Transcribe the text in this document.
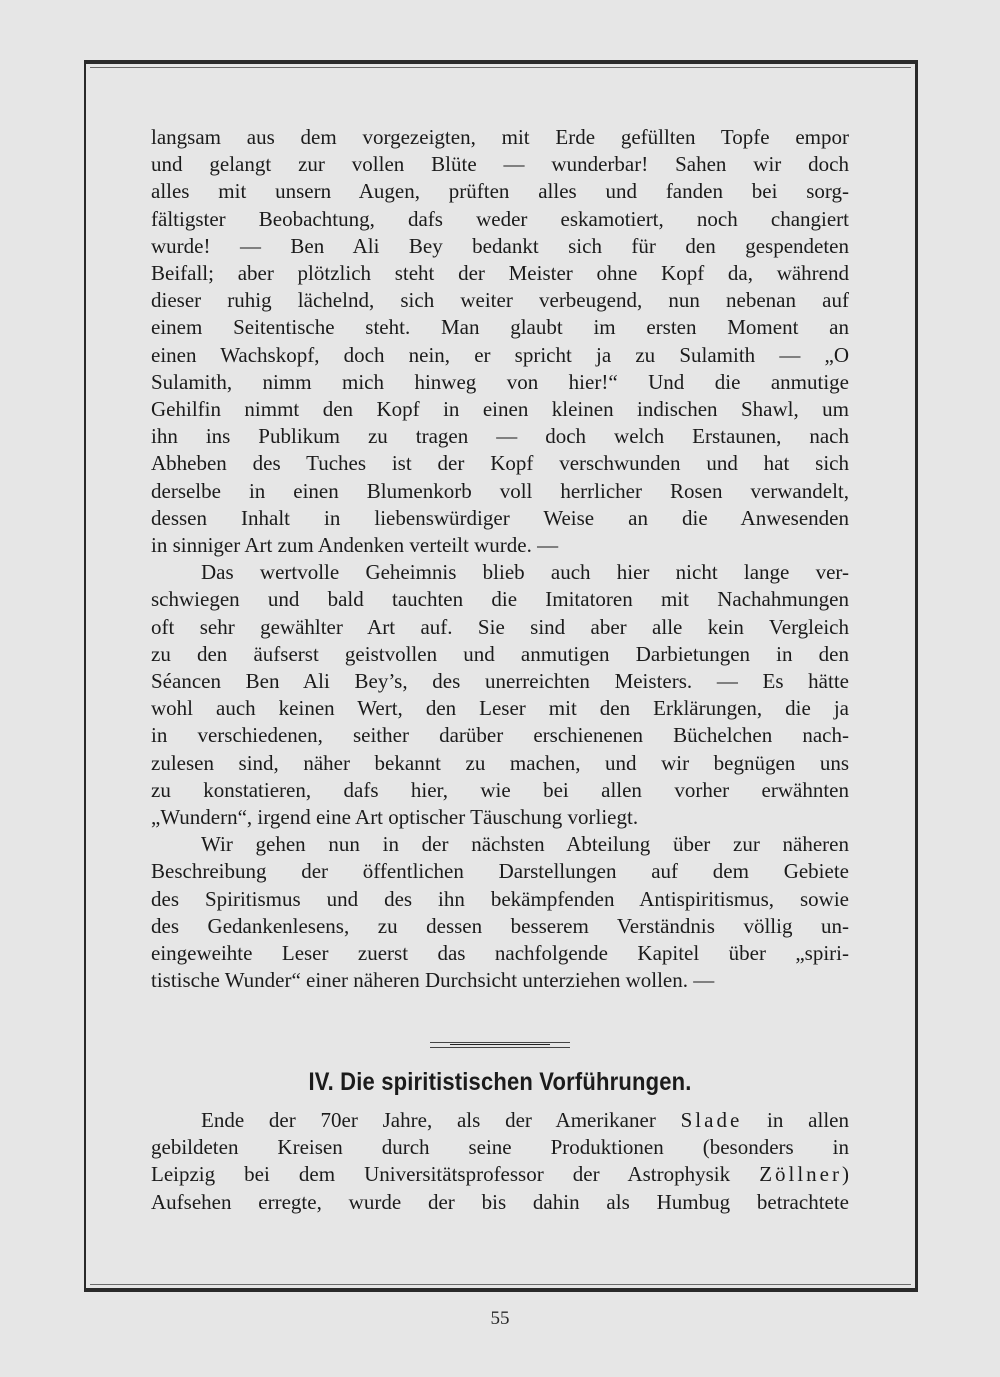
langsam aus dem vorgezeigten, mit Erde gefüllten Topfe empor
und gelangt zur vollen Blüte — wunderbar! Sahen wir doch
alles mit unsern Augen, prüften alles und fanden bei sorg-
fältigster Beobachtung, dafs weder eskamotiert, noch changiert
wurde! — Ben Ali Bey bedankt sich für den gespendeten
Beifall; aber plötzlich steht der Meister ohne Kopf da, während
dieser ruhig lächelnd, sich weiter verbeugend, nun nebenan auf
einem Seitentische steht. Man glaubt im ersten Moment an
einen Wachskopf, doch nein, er spricht ja zu Sulamith — „O
Sulamith, nimm mich hinweg von hier!“ Und die anmutige
Gehilfin nimmt den Kopf in einen kleinen indischen Shawl, um
ihn ins Publikum zu tragen — doch welch Erstaunen, nach
Abheben des Tuches ist der Kopf verschwunden und hat sich
derselbe in einen Blumenkorb voll herrlicher Rosen verwandelt,
dessen Inhalt in liebenswürdiger Weise an die Anwesenden
in sinniger Art zum Andenken verteilt wurde. —

Das wertvolle Geheimnis blieb auch hier nicht lange ver-
schwiegen und bald tauchten die Imitatoren mit Nachahmungen
oft sehr gewählter Art auf. Sie sind aber alle kein Vergleich
zu den äufserst geistvollen und anmutigen Darbietungen in den
Séancen Ben Ali Bey’s, des unerreichten Meisters. — Es hätte
wohl auch keinen Wert, den Leser mit den Erklärungen, die ja
in verschiedenen, seither darüber erschienenen Büchelchen nach-
zulesen sind, näher bekannt zu machen, und wir begnügen uns
zu konstatieren, dafs hier, wie bei allen vorher erwähnten
„Wundern“, irgend eine Art optischer Täuschung vorliegt.

Wir gehen nun in der nächsten Abteilung über zur näheren
Beschreibung der öffentlichen Darstellungen auf dem Gebiete
des Spiritismus und des ihn bekämpfenden Antispiritismus, sowie
des Gedankenlesens, zu dessen besserem Verständnis völlig un-
eingeweihte Leser zuerst das nachfolgende Kapitel über „spiri-
tistische Wunder“ einer näheren Durchsicht unterziehen wollen. —

IV. Die spiritistischen Vorführungen.

Ende der 70er Jahre, als der Amerikaner Slade in allen
gebildeten Kreisen durch seine Produktionen (besonders in
Leipzig bei dem Universitätsprofessor der Astrophysik Zöllner)
Aufsehen erregte, wurde der bis dahin als Humbug betrachtete

55
